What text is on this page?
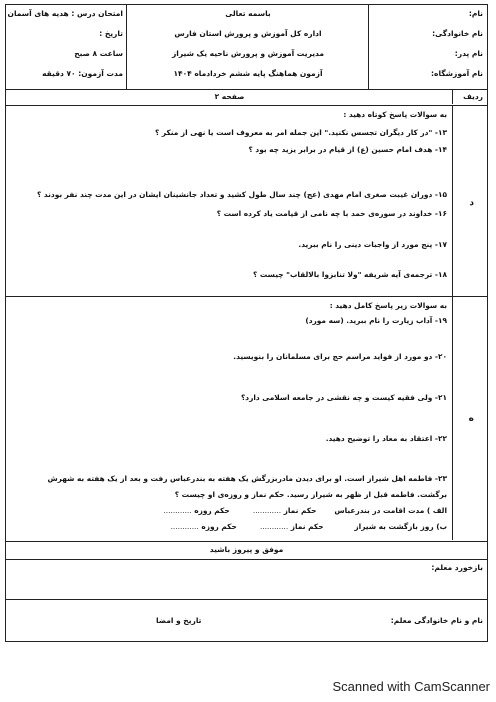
نام:
نام خانوادگی:
نام پدر:
نام آموزشگاه:
باسمه تعالی
اداره کل آموزش و پرورش استان فارس
مدیریت آموزش و پرورش ناحیه یک شیراز
آزمون هماهنگ پایه ششم خردادماه ۱۴۰۴
امتحان درس : هدیه های آسمان
تاریخ :
ساعت ۸ صبح
مدت آزمون: ۷۰ دقیقه
ردیف
صفحه ۲
د
به سوالات پاسخ کوتاه دهید :
۱۳- "در کار دیگران تجسس نکنید." این جمله امر به معروف است یا نهی از منکر ؟
۱۴- هدف امام حسین (ع) از قیام در برابر یزید چه بود ؟
۱۵- دوران غیبت صغری امام مهدی (عج) چند سال طول کشید و تعداد جانشینان ایشان در این مدت چند نفر بودند ؟
۱۶- خداوند در سوره‌ی حمد با چه نامی از قیامت یاد کرده است ؟
۱۷- پنج مورد از واجبات دینی را نام ببرید.
۱۸- ترجمه‌ی آیه شریفه "ولا تنابزوا بالالقاب" چیست ؟
ه
به سوالات زیر پاسخ کامل دهید :
۱۹- آداب زیارت را نام ببرید. (سه مورد)
۲۰- دو مورد از فواید مراسم حج برای مسلمانان را بنویسید.
۲۱- ولی فقیه کیست و چه نقشی در جامعه اسلامی دارد؟
۲۲- اعتقاد به معاد را توضیح دهید.
۲۳- فاطمه اهل شیراز است. او برای دیدن مادربزرگش یک هفته به بندرعباس رفت و بعد از یک هفته به شهرش
برگشت. فاطمه قبل از ظهر به شیراز رسید. حکم نماز و روزه‌ی او چیست ؟
الف ) مدت اقامت در بندرعباس       حکم نماز ............         حکم روزه ............
ب) روز بازگشت به شیراز            حکم نماز ............         حکم روزه ............
موفق و پیروز باشید
بازخورد معلم:
نام و نام خانوادگی معلم:
تاریخ و امضا
Scanned with CamScanner
